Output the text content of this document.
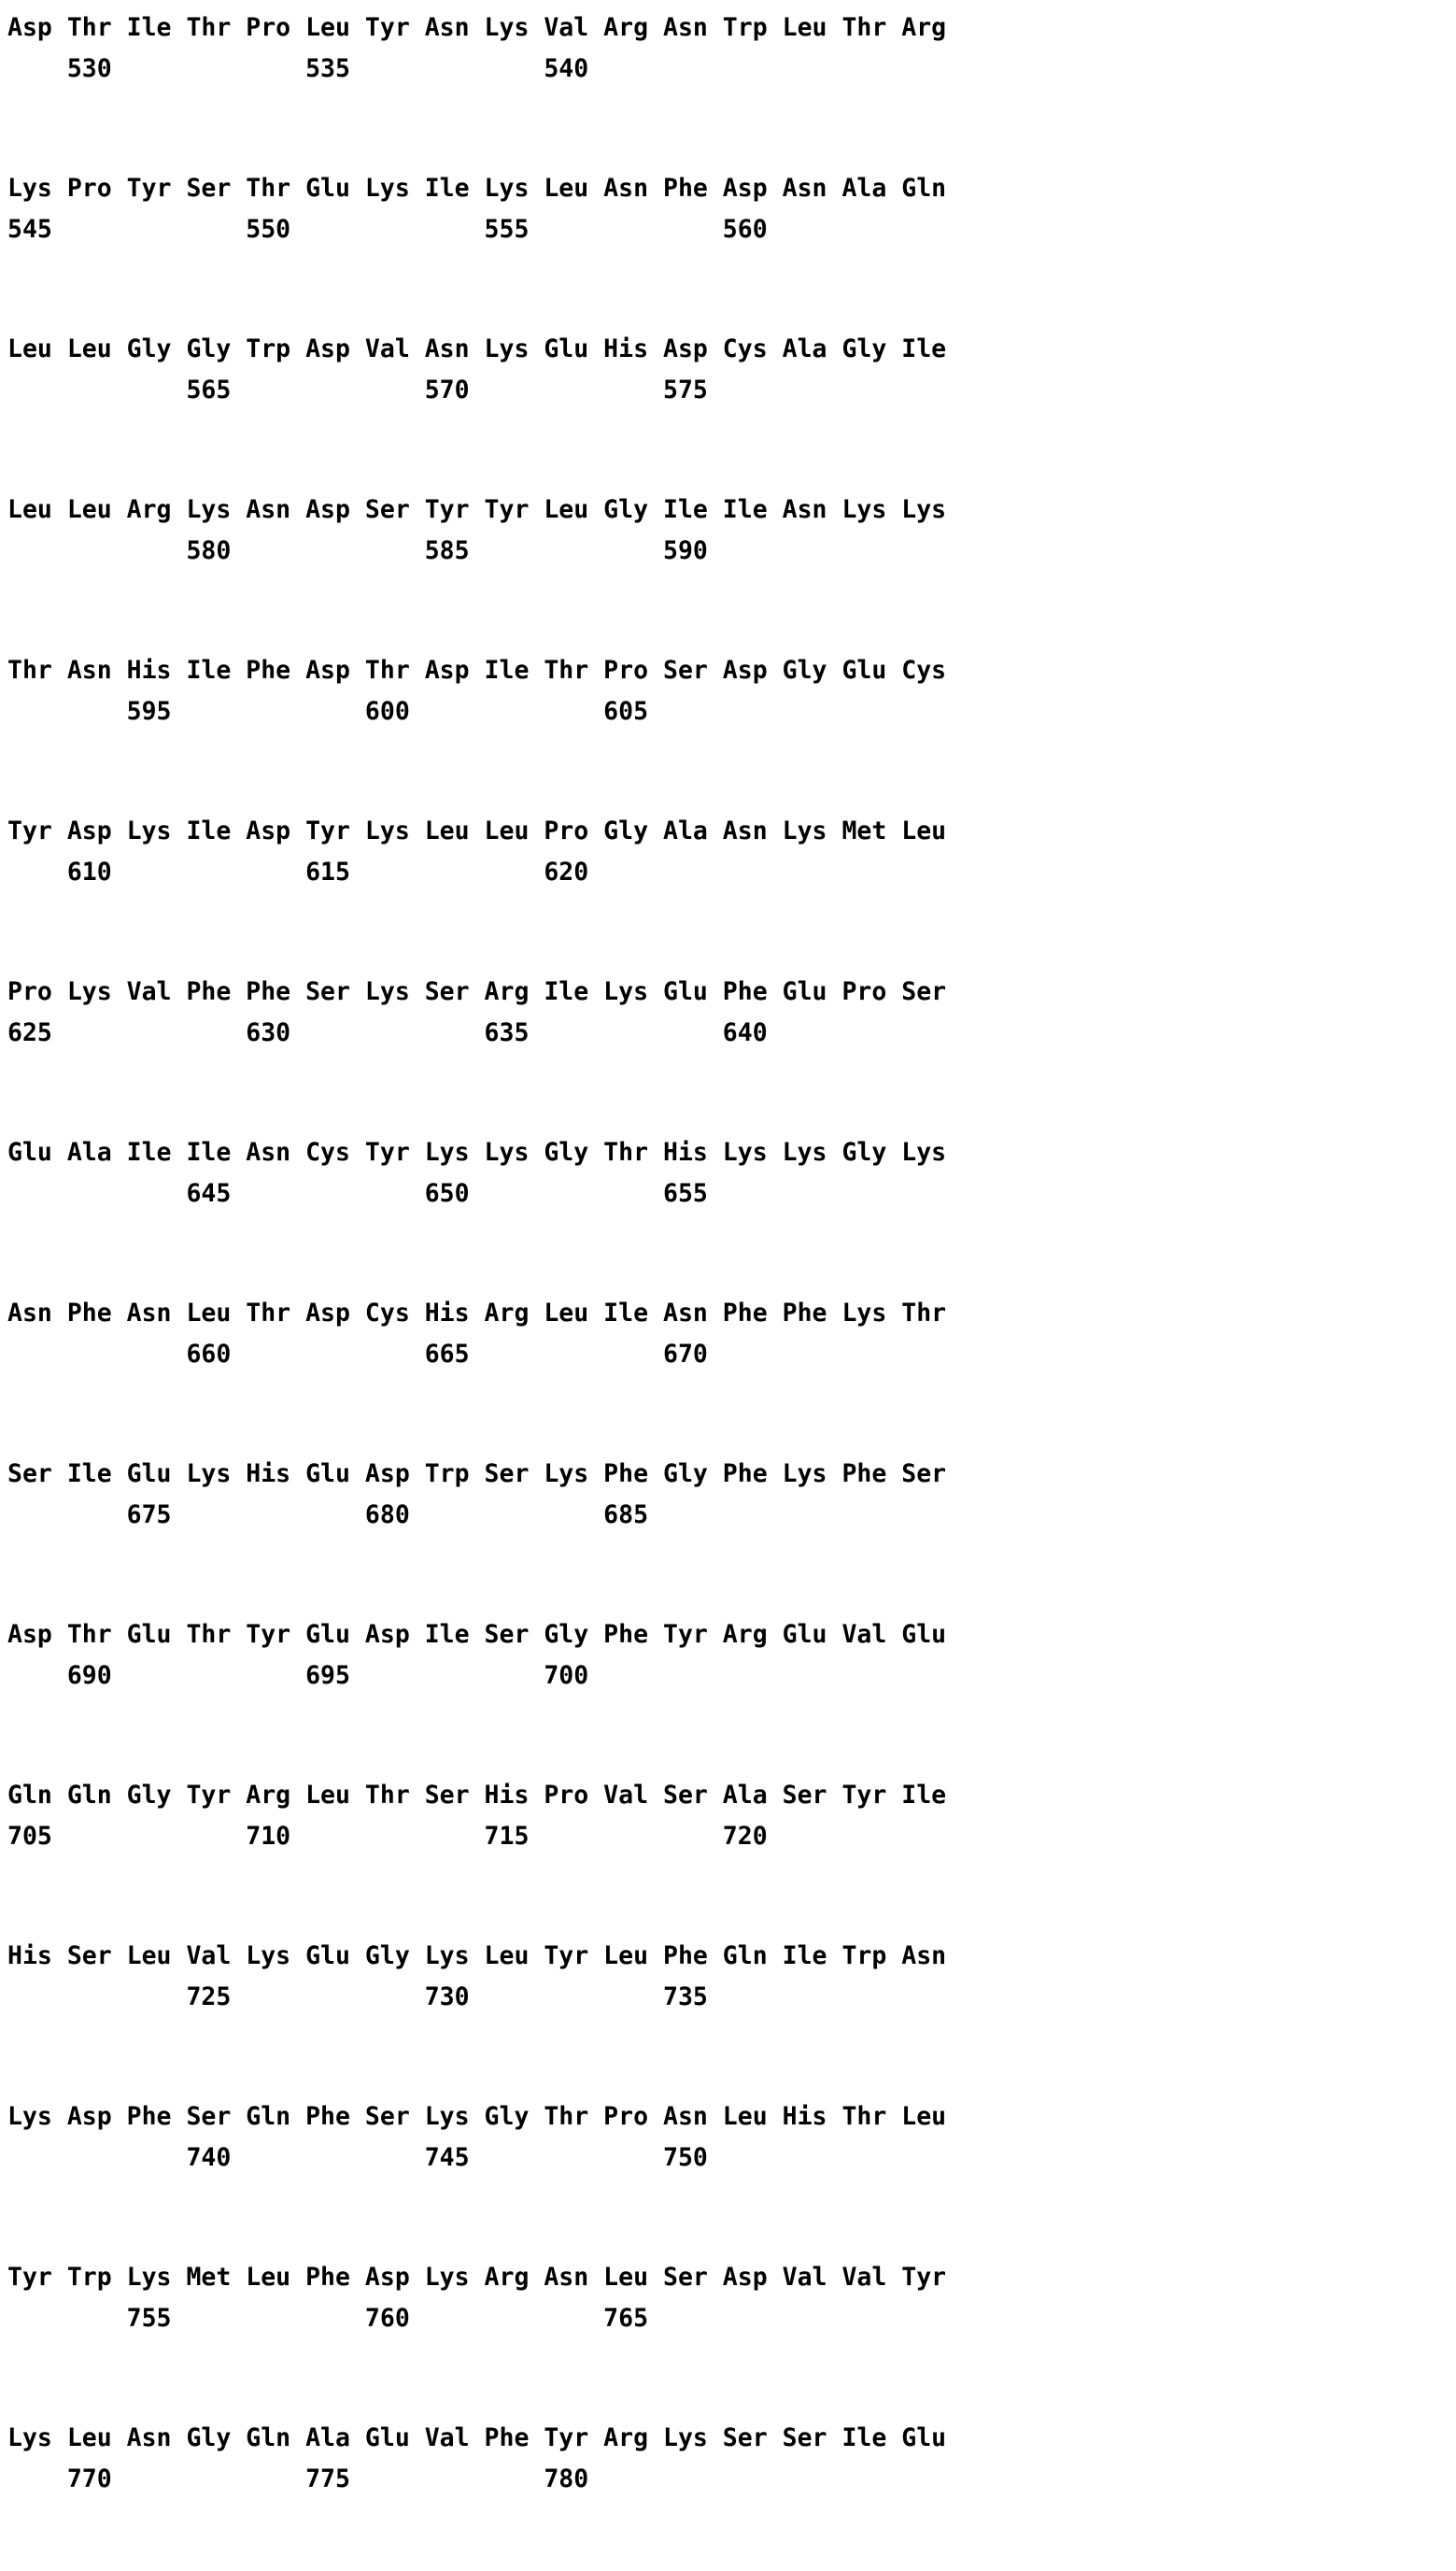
Asp Thr Ile Thr Pro Leu Tyr Asn Lys Val Arg Asn Trp Leu Thr Arg
530             535             540
Lys Pro Tyr Ser Thr Glu Lys Ile Lys Leu Asn Phe Asp Asn Ala Gln
545             550             555             560
Leu Leu Gly Gly Trp Asp Val Asn Lys Glu His Asp Cys Ala Gly Ile
565             570             575
Leu Leu Arg Lys Asn Asp Ser Tyr Tyr Leu Gly Ile Ile Asn Lys Lys
580             585             590
Thr Asn His Ile Phe Asp Thr Asp Ile Thr Pro Ser Asp Gly Glu Cys
595             600             605
Tyr Asp Lys Ile Asp Tyr Lys Leu Leu Pro Gly Ala Asn Lys Met Leu
610             615             620
Pro Lys Val Phe Phe Ser Lys Ser Arg Ile Lys Glu Phe Glu Pro Ser
625             630             635             640
Glu Ala Ile Ile Asn Cys Tyr Lys Lys Gly Thr His Lys Lys Gly Lys
645             650             655
Asn Phe Asn Leu Thr Asp Cys His Arg Leu Ile Asn Phe Phe Lys Thr
660             665             670
Ser Ile Glu Lys His Glu Asp Trp Ser Lys Phe Gly Phe Lys Phe Ser
675             680             685
Asp Thr Glu Thr Tyr Glu Asp Ile Ser Gly Phe Tyr Arg Glu Val Glu
690             695             700
Gln Gln Gly Tyr Arg Leu Thr Ser His Pro Val Ser Ala Ser Tyr Ile
705             710             715             720
His Ser Leu Val Lys Glu Gly Lys Leu Tyr Leu Phe Gln Ile Trp Asn
725             730             735
Lys Asp Phe Ser Gln Phe Ser Lys Gly Thr Pro Asn Leu His Thr Leu
740             745             750
Tyr Trp Lys Met Leu Phe Asp Lys Arg Asn Leu Ser Asp Val Val Tyr
755             760             765
Lys Leu Asn Gly Gln Ala Glu Val Phe Tyr Arg Lys Ser Ser Ile Glu
770             775             780
